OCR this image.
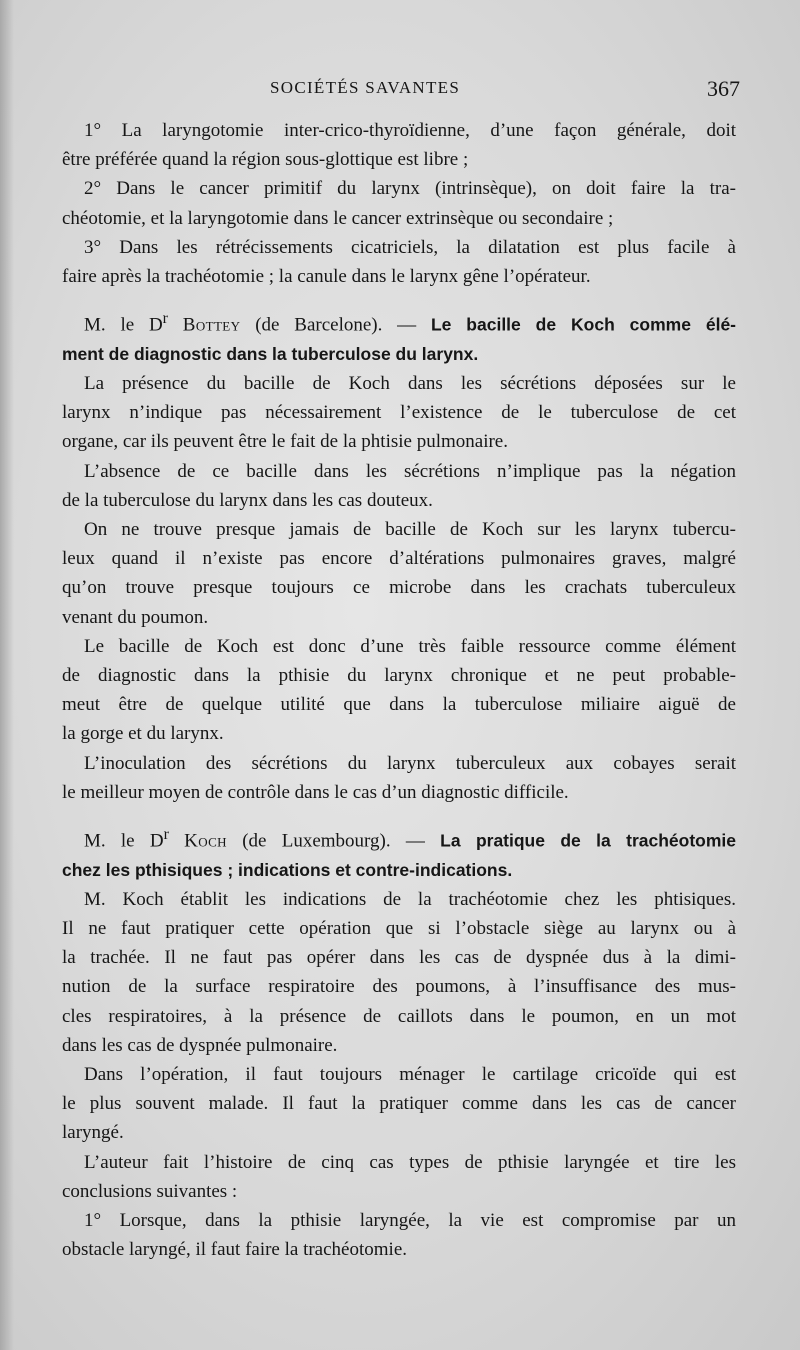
SOCIÉTÉS SAVANTES	367
1° La laryngotomie inter-crico-thyroïdienne, d’une façon générale, doit
être préférée quand la région sous-glottique est libre ;
2° Dans le cancer primitif du larynx (intrinsèque), on doit faire la tra-
chéotomie, et la laryngotomie dans le cancer extrinsèque ou secondaire ;
3° Dans les rétrécissements cicatriciels, la dilatation est plus facile à
faire après la trachéotomie ; la canule dans le larynx gêne l’opérateur.
M. le $D^r$ Bottey (de Barcelone). — Le bacille de Koch comme élé-
ment de diagnostic dans la tuberculose du larynx.
La présence du bacille de Koch dans les sécrétions déposées sur le
larynx n’indique pas nécessairement l’existence de le tuberculose de cet
organe, car ils peuvent être le fait de la phtisie pulmonaire.
L’absence de ce bacille dans les sécrétions n’implique pas la négation
de la tuberculose du larynx dans les cas douteux.
On ne trouve presque jamais de bacille de Koch sur les larynx tubercu-
leux quand il n’existe pas encore d’altérations pulmonaires graves, malgré
qu’on trouve presque toujours ce microbe dans les crachats tuberculeux
venant du poumon.
Le bacille de Koch est donc d’une très faible ressource comme élément
de diagnostic dans la pthisie du larynx chronique et ne peut probable-
meut être de quelque utilité que dans la tuberculose miliaire aiguë de
la gorge et du larynx.
L’inoculation des sécrétions du larynx tuberculeux aux cobayes serait
le meilleur moyen de contrôle dans le cas d’un diagnostic difficile.
M. le $D^r$ Koch (de Luxembourg). — La pratique de la trachéotomie
chez les pthisiques ; indications et contre-indications.
M. Koch établit les indications de la trachéotomie chez les phtisiques.
Il ne faut pratiquer cette opération que si l’obstacle siège au larynx ou à
la trachée. Il ne faut pas opérer dans les cas de dyspnée dus à la dimi-
nution de la surface respiratoire des poumons, à l’insuffisance des mus-
cles respiratoires, à la présence de caillots dans le poumon, en un mot
dans les cas de dyspnée pulmonaire.
Dans l’opération, il faut toujours ménager le cartilage cricoïde qui est
le plus souvent malade. Il faut la pratiquer comme dans les cas de cancer
laryngé.
L’auteur fait l’histoire de cinq cas types de pthisie laryngée et tire les
conclusions suivantes :
1° Lorsque, dans la pthisie laryngée, la vie est compromise par un
obstacle laryngé, il faut faire la trachéotomie.
